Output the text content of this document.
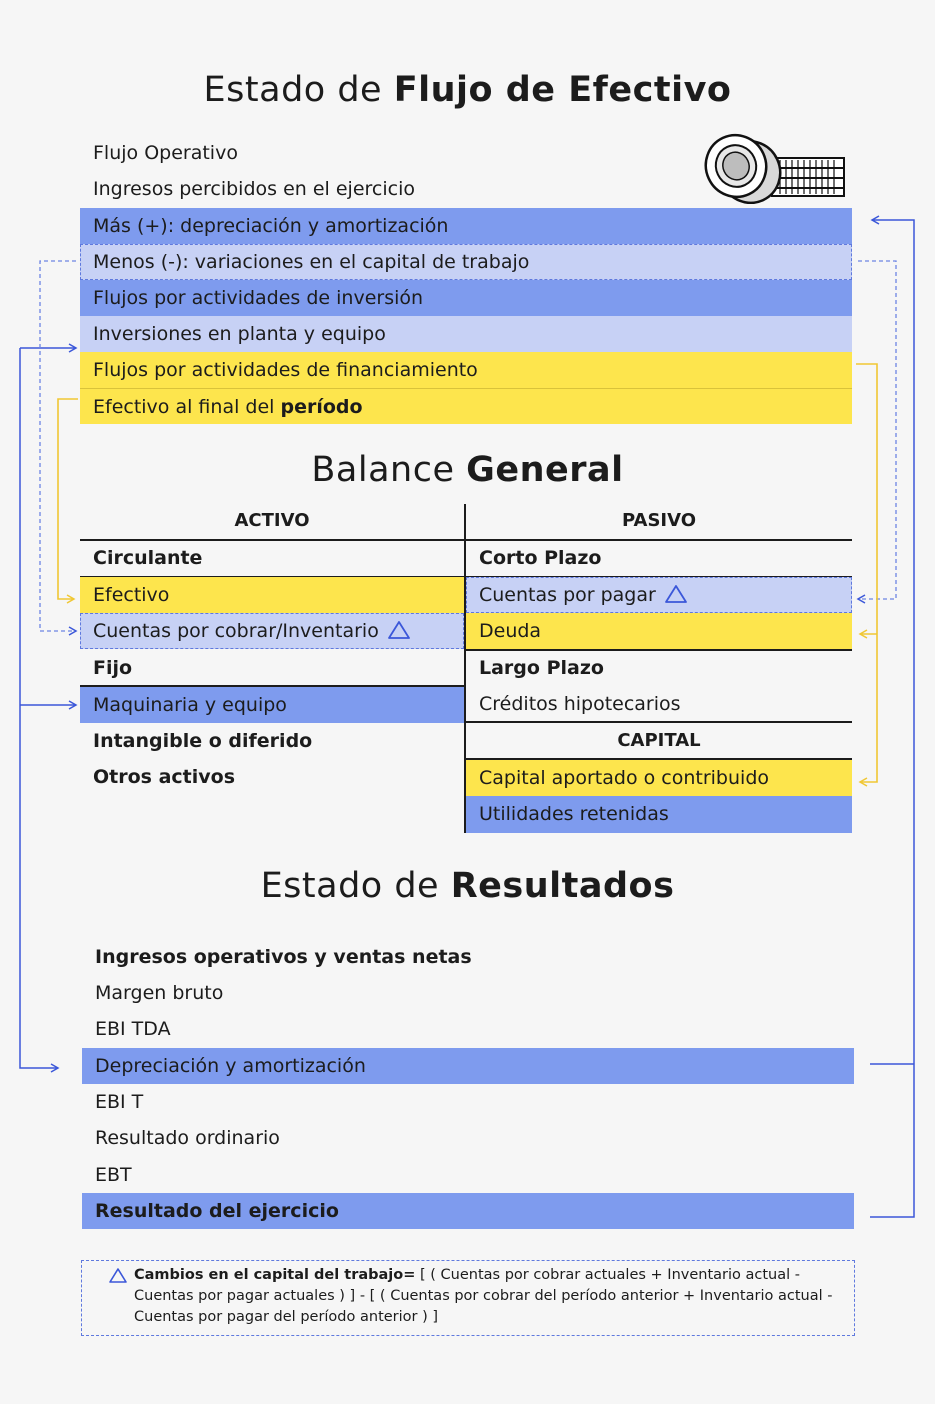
Estado de Flujo de Efectivo
Flujo Operativo
Ingresos percibidos en el ejercicio
Más (+): depreciación y amortización
Menos (-): variaciones en el capital de trabajo
Flujos por actividades de inversión
Inversiones en planta y equipo
Flujos por actividades de financiamiento
Efectivo al final del período
Balance General
ACTIVO	PASIVO
Circulante
Efectivo
Cuentas por cobrar/Inventario
Fijo
Maquinaria y equipo
Intangible o diferido
Otros activos
Corto Plazo
Cuentas por pagar
Deuda
Largo Plazo
Créditos hipotecarios
CAPITAL
Capital aportado o contribuido
Utilidades retenidas
Estado de Resultados
Ingresos operativos y ventas netas
Margen bruto
EBI TDA
Depreciación y amortización
EBI T
Resultado ordinario
EBT
Resultado del ejercicio
Cambios en el capital del trabajo= [ ( Cuentas por cobrar actuales + Inventario actual - Cuentas por pagar actuales ) ] - [ ( Cuentas por cobrar del período anterior + Inventario actual - Cuentas por pagar del período anterior ) ]
